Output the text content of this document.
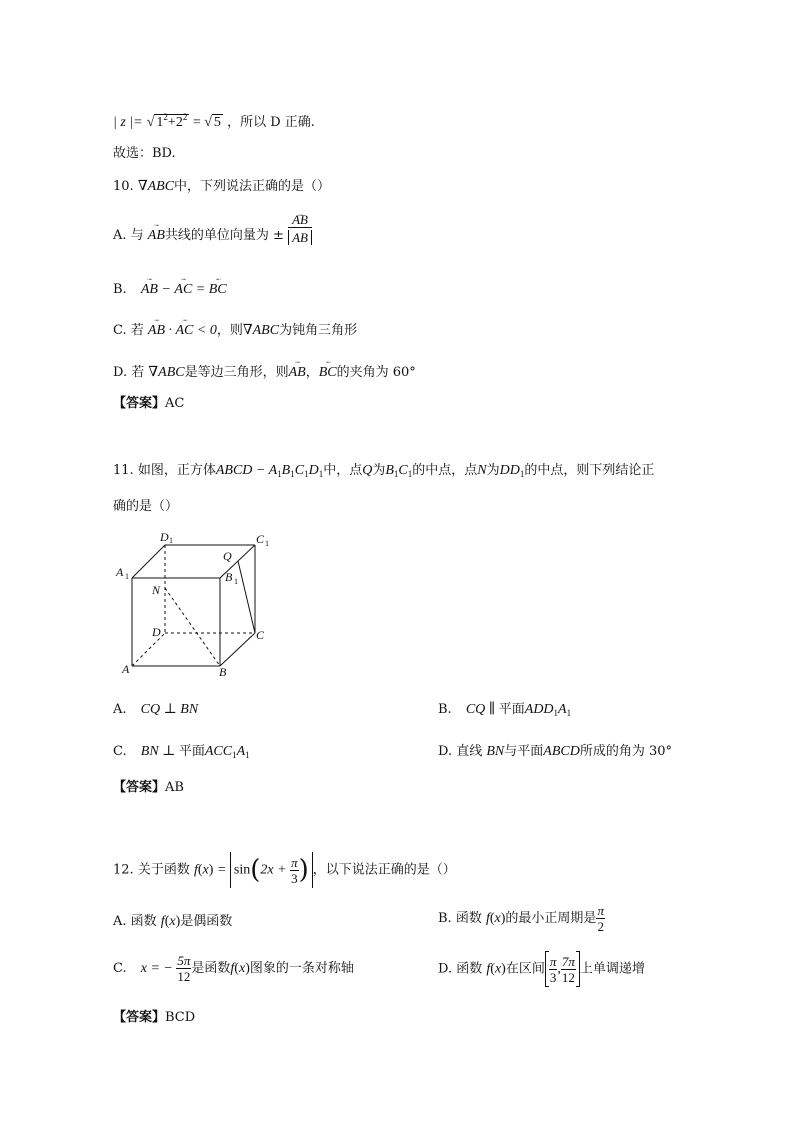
| z |= √ $1^2+2^2$ = √ 5 ，所以 D 正确.
故选：BD.
10. ∇ABC中，下列说法正确的是（）
A. 与 ᵕᵕᵕ AB共线的单位向量为 ± ᵕᵕᵕ $\frac{AB}{AB}$
B. ᵕᵕᵕ AB − ᵕᵕᵕ AC = ᵕᵕᵕ BC
C. 若 ᵕᵕᵕ AB · ᵕᵕᵕ AC < 0，则∇ABC为钝角三角形
D. 若 ∇ABC是等边三角形，则ᵕᵕᵕ AB，ᵕᵕᵕ BC的夹角为 60°
【答案】AC
11. 如图，正方体ABCD − $A_1B_1C_1D_1$中，点Q为$B_1C_1$的中点，点N为$DD_1$的中点，则下列结论正
确的是（）
D 1	C 1
Q
A 1	B 1
N
D	C
A	B
A. CQ ⊥ BN	B. CQ ∥ 平面$ADD_1A_1$
C. BN ⊥ 平面$ACC_1A_1$	D. 直线 BN与平面ABCD所成的角为 30°
【答案】AB
12. 关于函数 $f(x) = \sin(2x + \frac{\pi}{3}$ ) ，以下说法正确的是（）
A. 函数 f(x)是偶函数	B. 函数 f(x)的最小正周期是 $\frac{\pi}{2}$
C. x = − $\frac{5\pi}{12}$ 是函数f(x)图象的一条对称轴	D. 函数 f(x)在区间 $\frac{\pi}{3}$ , $\frac{7\pi}{12}$ 上单调递增
【答案】BCD
